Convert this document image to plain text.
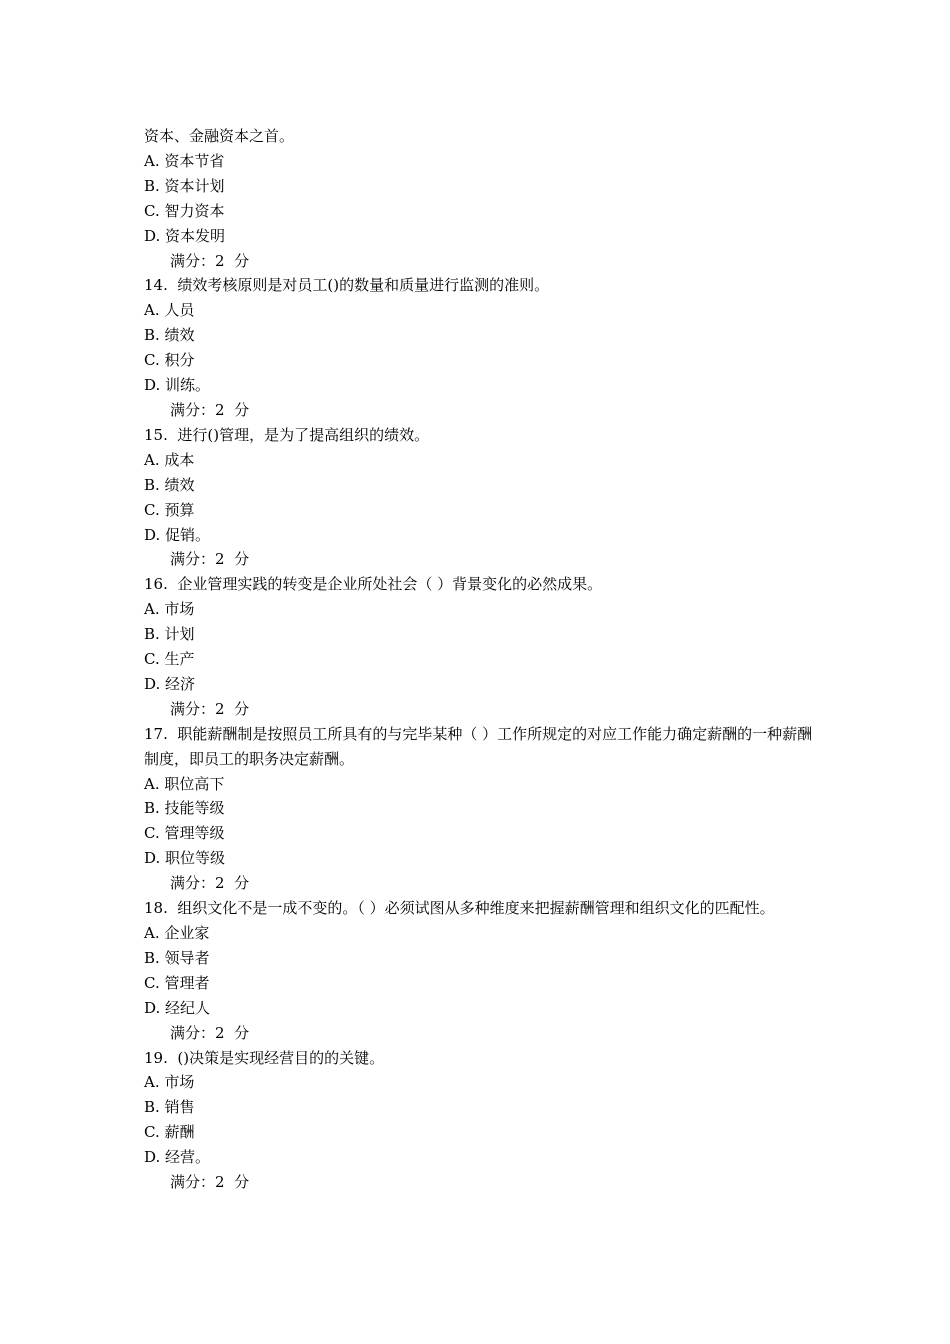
资本、金融资本之首。
A. 资本节省
B. 资本计划
C. 智力资本
D. 资本发明
满分：2  分
14.  绩效考核原则是对员工()的数量和质量进行监测的准则。
A. 人员
B. 绩效
C. 积分
D. 训练。
满分：2  分
15.  进行()管理，是为了提高组织的绩效。
A. 成本
B. 绩效
C. 预算
D. 促销。
满分：2  分
16.  企业管理实践的转变是企业所处社会（ ）背景变化的必然成果。
A. 市场
B. 计划
C. 生产
D. 经济
满分：2  分
17.  职能薪酬制是按照员工所具有的与完毕某种（ ）工作所规定的对应工作能力确定薪酬的一种薪酬制度，即员工的职务决定薪酬。
A. 职位高下
B. 技能等级
C. 管理等级
D. 职位等级
满分：2  分
18.  组织文化不是一成不变的。（ ）必须试图从多种维度来把握薪酬管理和组织文化的匹配性。
A. 企业家
B. 领导者
C. 管理者
D. 经纪人
满分：2  分
19.  ()决策是实现经营目的的关键。
A. 市场
B. 销售
C. 薪酬
D. 经营。
满分：2  分
